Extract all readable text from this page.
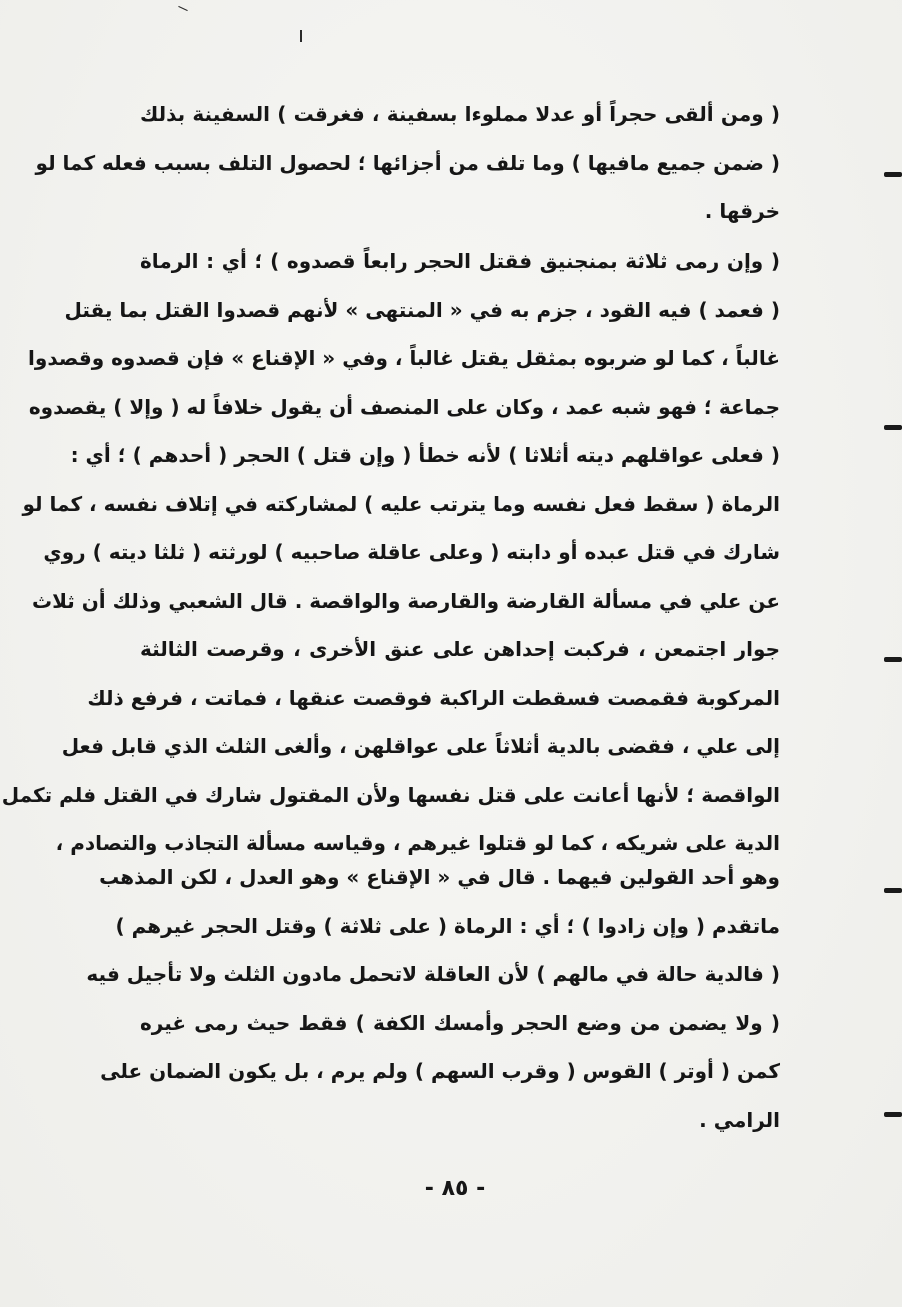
( ومن ألقى حجراً أو عدلا مملوءا بسفينة ، فغرقت ) السفينة بذلك
( ضمن جميع مافيها ) وما تلف من أجزائها ؛ لحصول التلف بسبب فعله كما لو
خرقها .
( وإن رمى ثلاثة بمنجنيق فقتل الحجر رابعاً قصدوه ) ؛ أي : الرماة
( فعمد ) فيه القود ، جزم به في « المنتهى » لأنهم قصدوا القتل بما يقتل
غالباً ، كما لو ضربوه بمثقل يقتل غالباً ، وفي « الإقناع » فإن قصدوه وقصدوا
جماعة ؛ فهو شبه عمد ، وكان على المنصف أن يقول خلافاً له ( وإلا ) يقصدوه
( فعلى عواقلهم ديته أثلاثا ) لأنه خطأ ( وإن قتل ) الحجر ( أحدهم ) ؛ أي :
الرماة ( سقط فعل نفسه وما يترتب عليه ) لمشاركته في إتلاف نفسه ، كما لو
شارك في قتل عبده أو دابته ( وعلى عاقلة صاحبيه ) لورثته ( ثلثا ديته ) روي
عن علي في مسألة القارضة والقارصة والواقصة . قال الشعبي وذلك أن ثلاث
جوار اجتمعن ، فركبت إحداهن على عنق الأخرى ، وقرصت الثالثة
المركوبة فقمصت فسقطت الراكبة فوقصت عنقها ، فماتت ، فرفع ذلك
إلى علي ، فقضى بالدية أثلاثاً على عواقلهن ، وألغى الثلث الذي قابل فعل
الواقصة ؛ لأنها أعانت على قتل نفسها ولأن المقتول شارك في القتل فلم تكمل
الدية على شريكه ، كما لو قتلوا غيرهم ، وقياسه مسألة التجاذب والتصادم ،
وهو أحد القولين فيهما . قال في « الإقناع » وهو العدل ، لكن المذهب
ماتقدم ( وإن زادوا ) ؛ أي : الرماة ( على ثلاثة ) وقتل الحجر غيرهم )
( فالدية حالة في مالهم ) لأن العاقلة لاتحمل مادون الثلث ولا تأجيل فيه
( ولا يضمن من وضع الحجر وأمسك الكفة ) فقط حيث رمى غيره
كمن ( أوتر ) القوس ( وقرب السهم ) ولم يرم ، بل يكون الضمان على
الرامي .
- ٨٥ -
